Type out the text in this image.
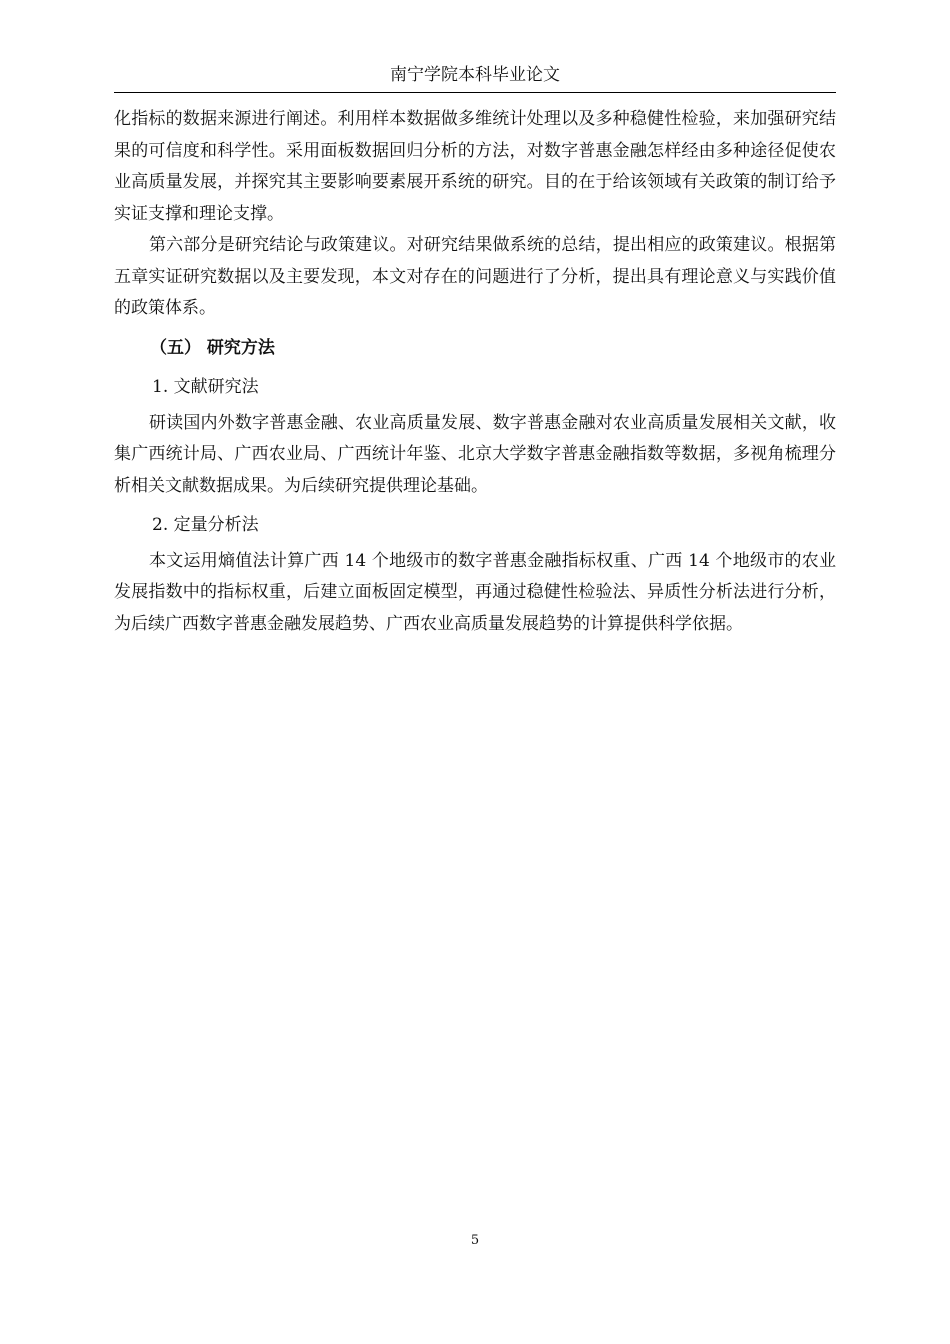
南宁学院本科毕业论文

化指标的数据来源进行阐述。利用样本数据做多维统计处理以及多种稳健性检验，来加强研究结果的可信度和科学性。采用面板数据回归分析的方法，对数字普惠金融怎样经由多种途径促使农业高质量发展，并探究其主要影响要素展开系统的研究。目的在于给该领域有关政策的制订给予实证支撑和理论支撑。

第六部分是研究结论与政策建议。对研究结果做系统的总结，提出相应的政策建议。根据第五章实证研究数据以及主要发现，本文对存在的问题进行了分析，提出具有理论意义与实践价值的政策体系。

（五） 研究方法
1. 文献研究法

研读国内外数字普惠金融、农业高质量发展、数字普惠金融对农业高质量发展相关文献，收集广西统计局、广西农业局、广西统计年鉴、北京大学数字普惠金融指数等数据，多视角梳理分析相关文献数据成果。为后续研究提供理论基础。

2. 定量分析法

本文运用熵值法计算广西 14 个地级市的数字普惠金融指标权重、广西 14 个地级市的农业发展指数中的指标权重，后建立面板固定模型，再通过稳健性检验法、异质性分析法进行分析，为后续广西数字普惠金融发展趋势、广西农业高质量发展趋势的计算提供科学依据。

5
